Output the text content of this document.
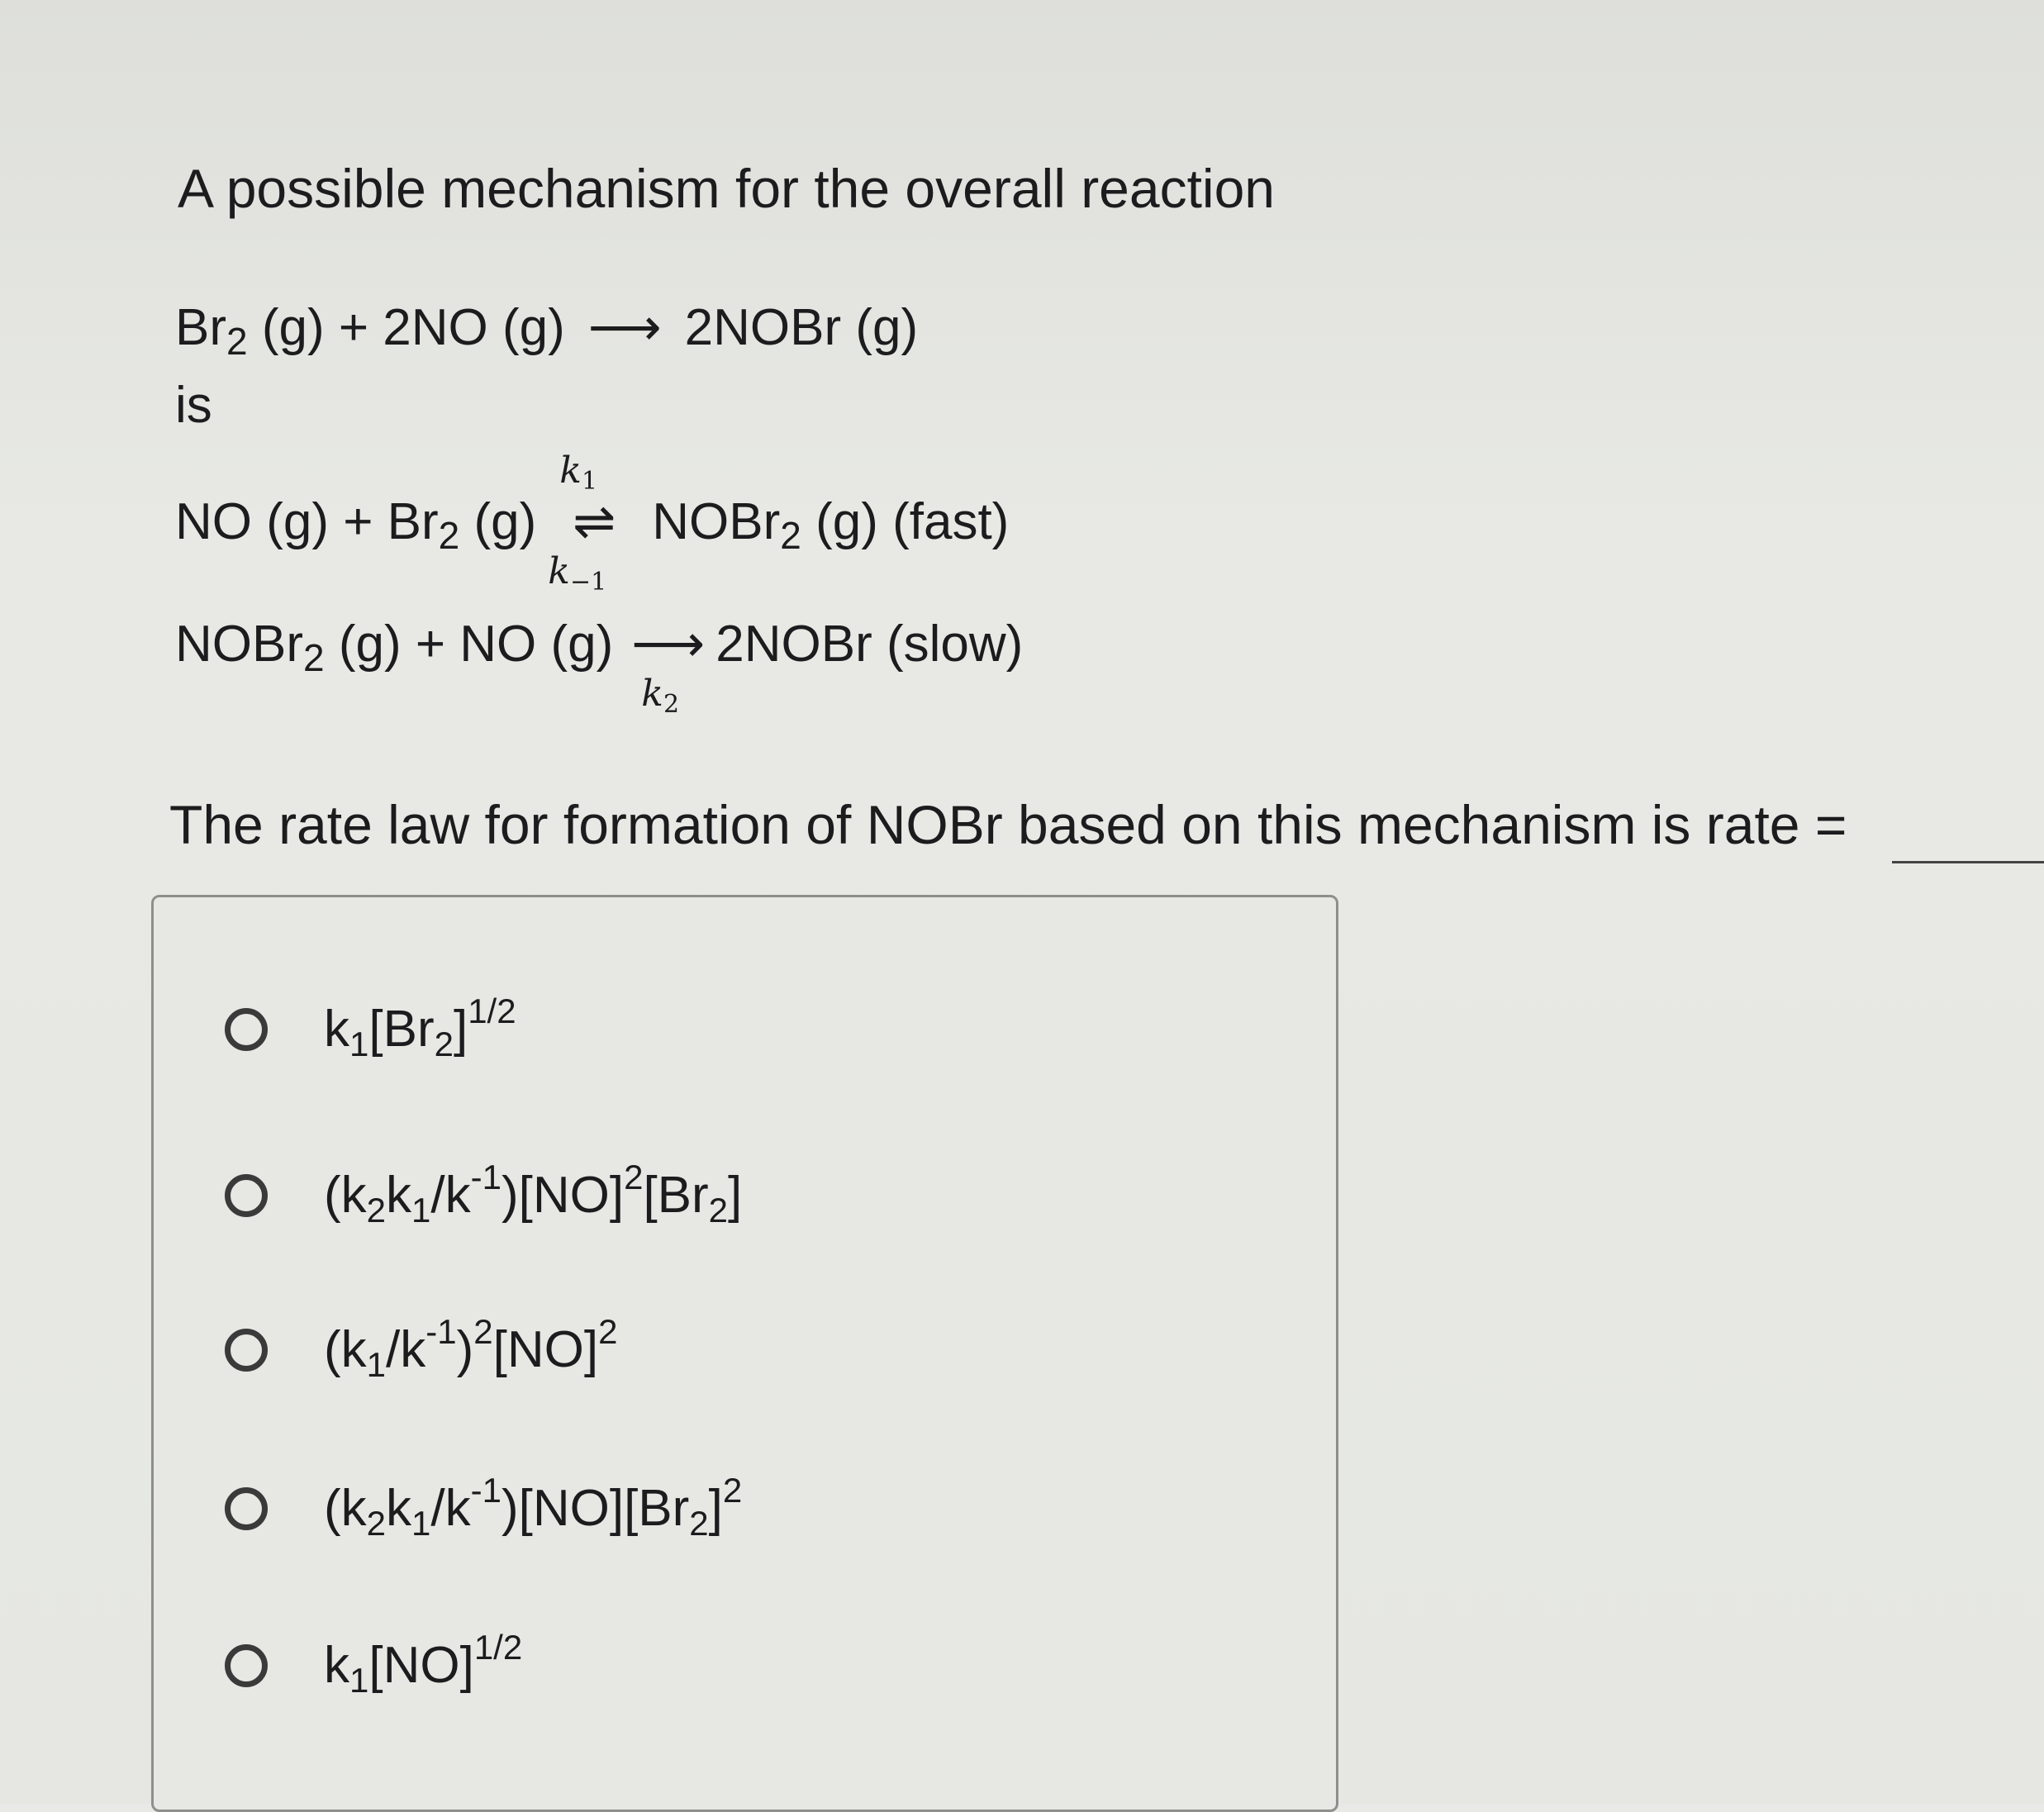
A possible mechanism for the overall reaction
$Br_2$ (g) + 2NO (g) ⟶ 2NOBr (g)
is
NO $(g) + Br_2$ (g) ⇌
$k_1$
$k_{-1}$
NOBr$_2$ (g) (fast)
NOBr$_2$ (g) + NO (g) ⟶
$k_2$
2NOBr (slow)
The rate law for formation of NOBr based on this mechanism is rate =
$k_1[Br_2]^{1/2}$
$(k_2k_1/k^{-1})[NO]^2[Br_2]$
$(k_1/k^{-1})^2[NO]^2$
$(k_2k_1/k^{-1})[NO][Br_2]^2$
$k_1[NO]^{1/2}$
